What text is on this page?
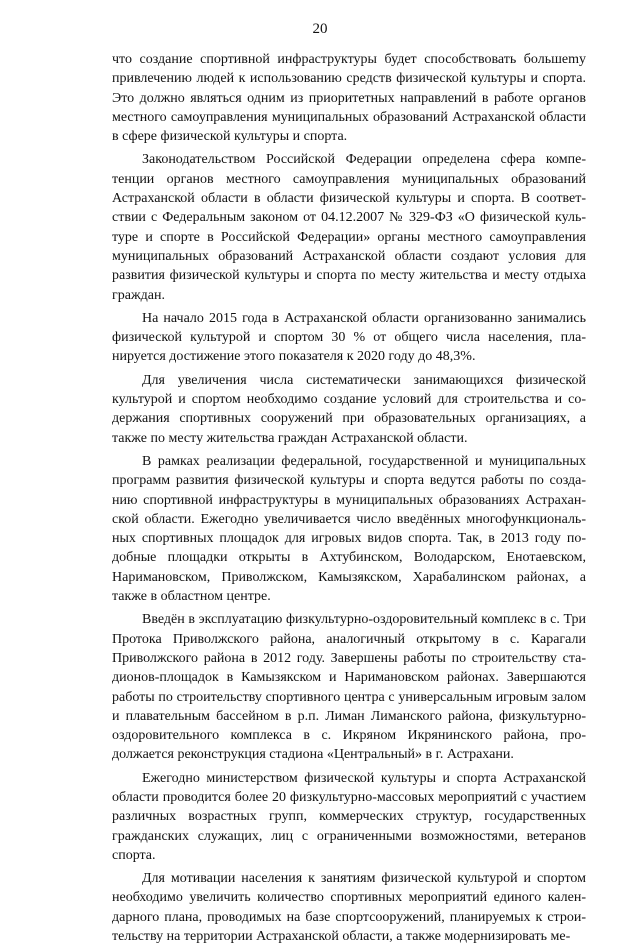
20

что создание спортивной инфраструктуры будет способствовать большеmу привлечению людей к использованию средств физической культуры и спорта. Это должно являться одним из приоритетных направлений в работе органов местного самоуправления муниципальных образований Астраханской области в сфере физической культуры и спорта.

Законодательством Российской Федерации определена сфера компетенции органов местного самоуправления муниципальных образований Астраханской области в области физической культуры и спорта. В соответствии с Федеральным законом от 04.12.2007 № 329-ФЗ «О физической культуре и спорте в Российской Федерации» органы местного самоуправления муниципальных образований Астраханской области создают условия для развития физической культуры и спорта по месту жительства и месту отдыха граждан.

На начало 2015 года в Астраханской области организованно занимались физической культурой и спортом 30 % от общего числа населения, планируется достижение этого показателя к 2020 году до 48,3%.

Для увеличения числа систематически занимающихся физической культурой и спортом необходимо создание условий для строительства и содержания спортивных сооружений при образовательных организациях, а также по месту жительства граждан Астраханской области.

В рамках реализации федеральной, государственной и муниципальных программ развития физической культуры и спорта ведутся работы по созданию спортивной инфраструктуры в муниципальных образованиях Астраханской области. Ежегодно увеличивается число введённых многофункциональных спортивных площадок для игровых видов спорта. Так, в 2013 году подобные площадки открыты в Ахтубинском, Володарском, Енотаевском, Наримановском, Приволжском, Камызякском, Харабалинском районах, а также в областном центре.

Введён в эксплуатацию физкультурно-оздоровительный комплекс в с. Три Протока Приволжского района, аналогичный открытому в с. Карагали Приволжского района в 2012 году. Завершены работы по строительству стадионов-площадок в Камызякском и Наримановском районах. Завершаются работы по строительству спортивного центра с универсальным игровым залом и плавательным бассейном в р.п. Лиман Лиманского района, физкультурно-оздоровительного комплекса в с. Икряном Икрянинского района, продолжается реконструкция стадиона «Центральный» в г. Астрахани.

Ежегодно министерством физической культуры и спорта Астраханской области проводится более 20 физкультурно-массовых мероприятий с участием различных возрастных групп, коммерческих структур, государственных гражданских служащих, лиц с ограниченными возможностями, ветеранов спорта.

Для мотивации населения к занятиям физической культурой и спортом необходимо увеличить количество спортивных мероприятий единого календарного плана, проводимых на базе спортсооружений, планируемых к строительству на территории Астраханской области, а также модернизировать ме-
